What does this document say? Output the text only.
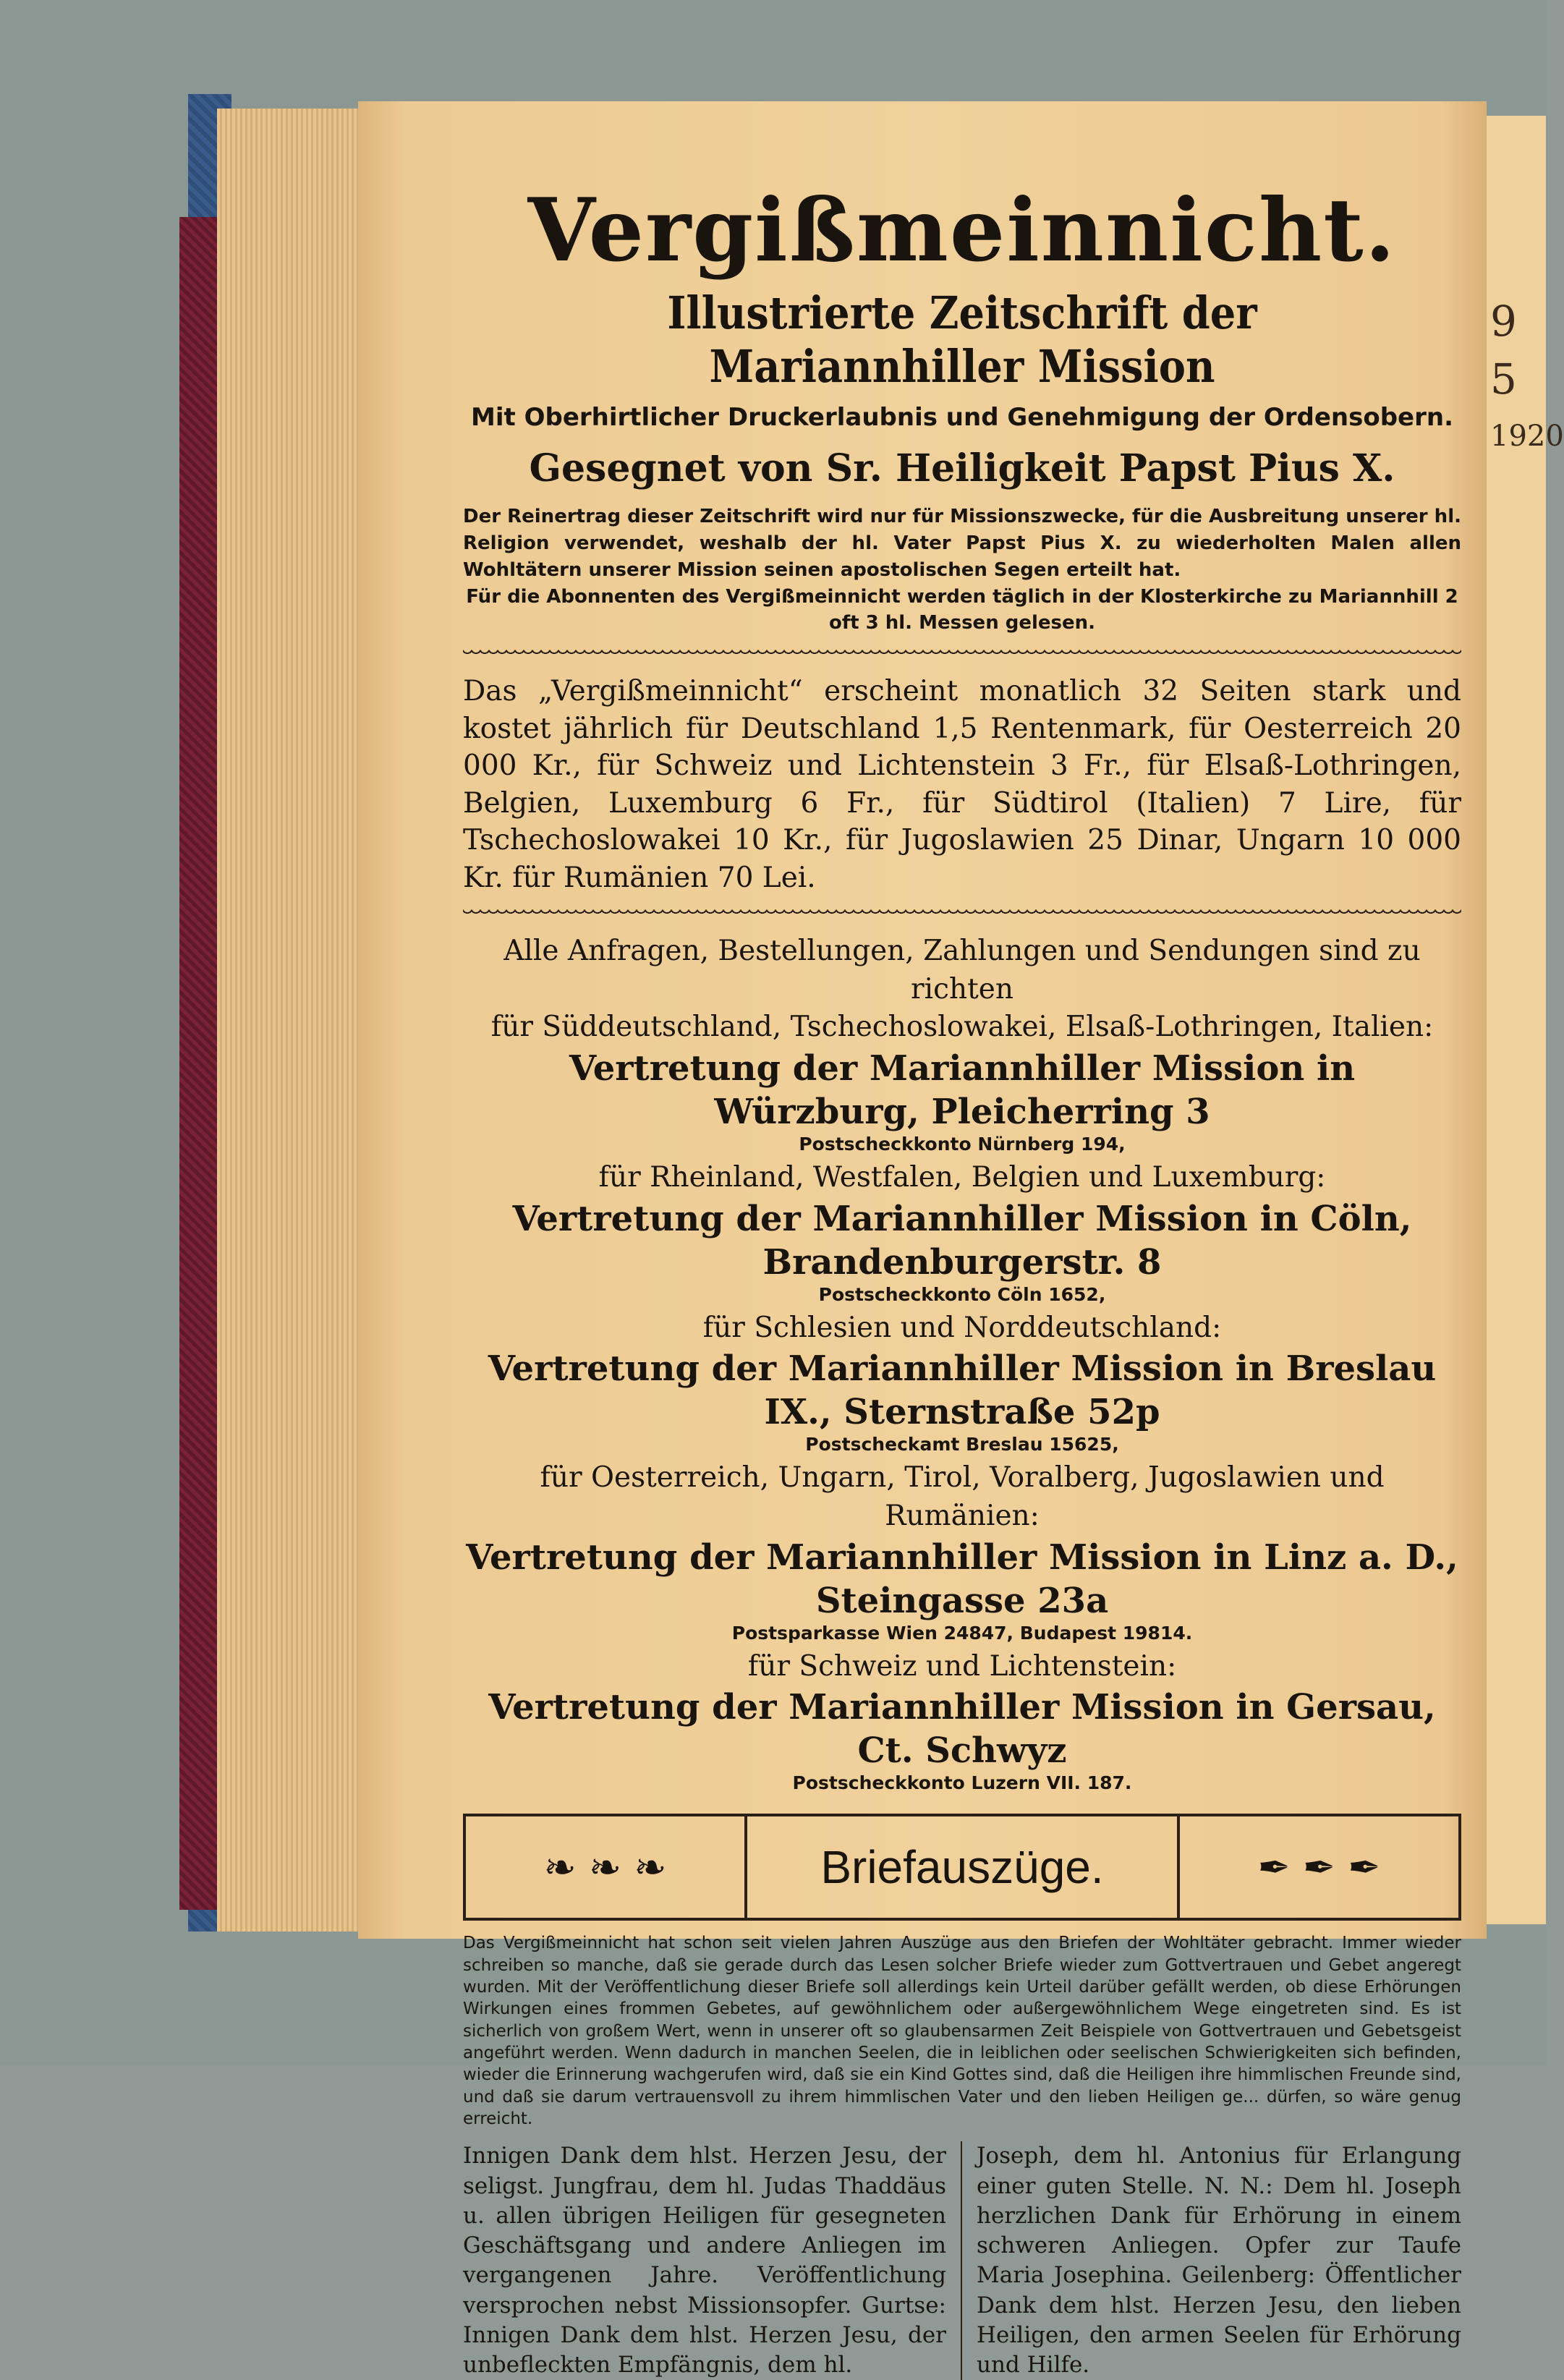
9
5
1920
Vergißmeinnicht.
Illustrierte Zeitschrift der Mariannhiller Mission
Mit Oberhirtlicher Druckerlaubnis und Genehmigung der Ordensobern.
Gesegnet von Sr. Heiligkeit Papst Pius X.
Der Reinertrag dieser Zeitschrift wird nur für Missionszwecke, für die Ausbreitung unserer hl. Religion verwendet, weshalb der hl. Vater Papst Pius X. zu wiederholten Malen allen Wohltätern unserer Mission seinen apostolischen Segen erteilt hat.
Für die Abonnenten des Vergißmeinnicht werden täglich in der Klosterkirche zu Mariannhill 2 oft 3 hl. Messen gelesen.
Das „Vergißmeinnicht“ erscheint monatlich 32 Seiten stark und kostet jährlich für Deutschland 1,5 Rentenmark, für Oesterreich 20 000 Kr., für Schweiz und Lichtenstein 3 Fr., für Elsaß-Lothringen, Belgien, Luxemburg 6 Fr., für Südtirol (Italien) 7 Lire, für Tschechoslowakei 10 Kr., für Jugoslawien 25 Dinar, Ungarn 10 000 Kr. für Rumänien 70 Lei.
Alle Anfragen, Bestellungen, Zahlungen und Sendungen sind zu richten
für Süddeutschland, Tschechoslowakei, Elsaß-Lothringen, Italien:
Vertretung der Mariannhiller Mission in Würzburg, Pleicherring 3
Postscheckkonto Nürnberg 194,
für Rheinland, Westfalen, Belgien und Luxemburg:
Vertretung der Mariannhiller Mission in Cöln, Brandenburgerstr. 8
Postscheckkonto Cöln 1652,
für Schlesien und Norddeutschland:
Vertretung der Mariannhiller Mission in Breslau IX., Sternstraße 52p
Postscheckamt Breslau 15625,
für Oesterreich, Ungarn, Tirol, Voralberg, Jugoslawien und Rumänien:
Vertretung der Mariannhiller Mission in Linz a. D., Steingasse 23a
Postsparkasse Wien 24847, Budapest 19814.
für Schweiz und Lichtenstein:
Vertretung der Mariannhiller Mission in Gersau, Ct. Schwyz
Postscheckkonto Luzern VII. 187.
❧ ❧ ❧	Briefauszüge.	✒ ✒ ✒
Das Vergißmeinnicht hat schon seit vielen Jahren Auszüge aus den Briefen der Wohltäter gebracht. Immer wieder schreiben so manche, daß sie gerade durch das Lesen solcher Briefe wieder zum Gottvertrauen und Gebet angeregt wurden. Mit der Veröffentlichung dieser Briefe soll allerdings kein Urteil darüber gefällt werden, ob diese Erhörungen Wirkungen eines frommen Gebetes, auf gewöhnlichem oder außergewöhnlichem Wege eingetreten sind. Es ist sicherlich von großem Wert, wenn in unserer oft so glaubensarmen Zeit Beispiele von Gottvertrauen und Gebetsgeist angeführt werden. Wenn dadurch in manchen Seelen, die in leiblichen oder seelischen Schwierigkeiten sich befinden, wieder die Erinnerung wachgerufen wird, daß sie ein Kind Gottes sind, daß die Heiligen ihre himmlischen Freunde sind, und daß sie darum vertrauensvoll zu ihrem himmlischen Vater und den lieben Heiligen ge... dürfen, so wäre genug erreicht.
Innigen Dank dem hlst. Herzen Jesu, der seligst. Jungfrau, dem hl. Judas Thaddäus u. allen übrigen Heiligen für gesegneten Geschäftsgang und andere Anliegen im vergangenen Jahre. Veröffentlichung versprochen nebst Missionsopfer. Gurtse: Innigen Dank dem hlst. Herzen Jesu, der unbefleckten Empfängnis, dem hl.
Joseph, dem hl. Antonius für Erlangung einer guten Stelle. N. N.: Dem hl. Joseph herzlichen Dank für Erhörung in einem schweren Anliegen. Opfer zur Taufe Maria Josephina. Geilenberg: Öffentlicher Dank dem hlst. Herzen Jesu, den lieben Heiligen, den armen Seelen für Erhörung und Hilfe.
